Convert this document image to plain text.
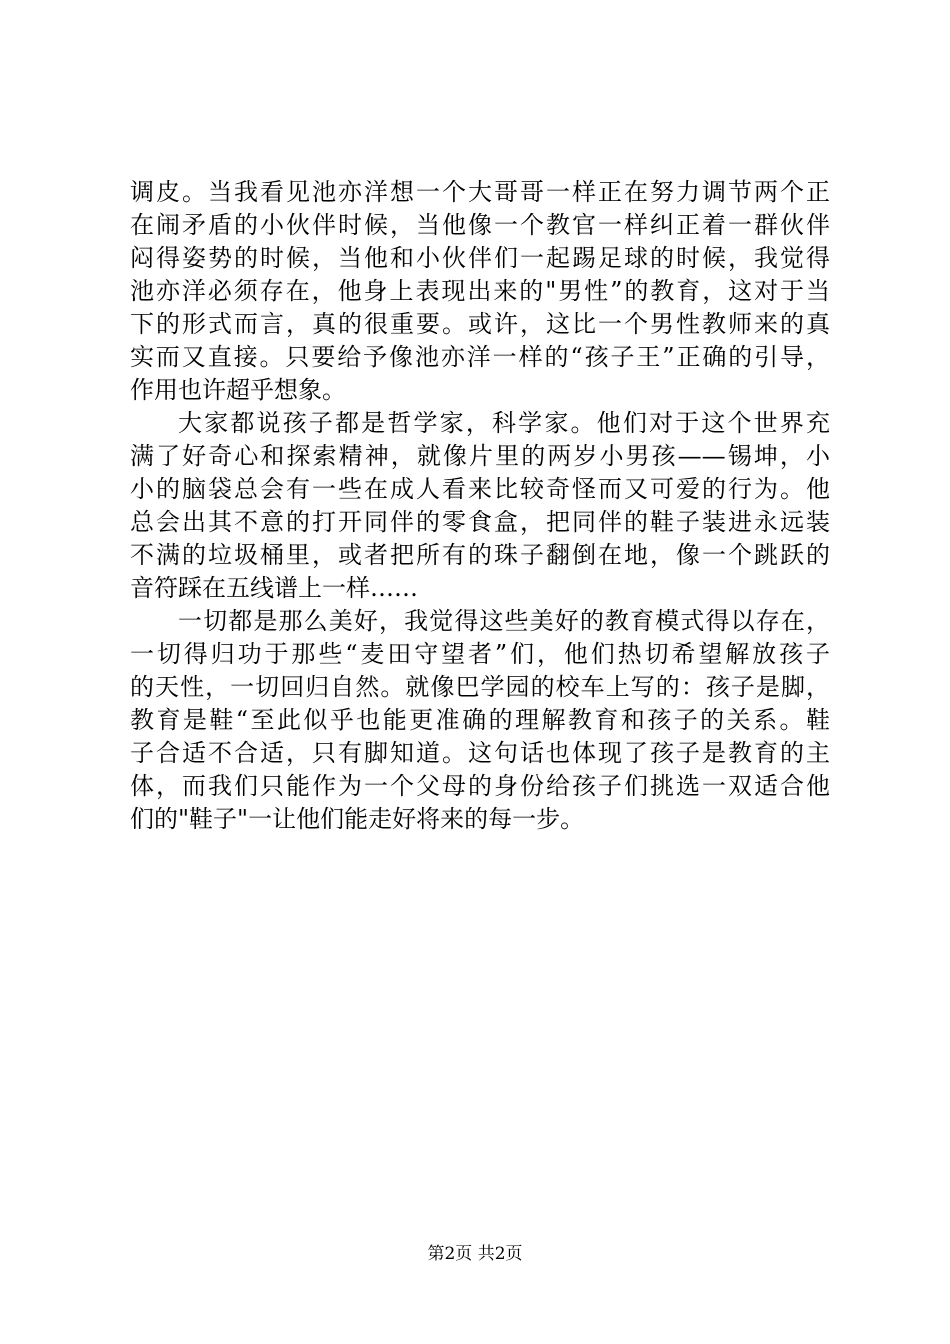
调皮。当我看见池亦洋想一个大哥哥一样正在努力调节两个正
在闹矛盾的小伙伴时候，当他像一个教官一样纠正着一群伙伴
闷得姿势的时候，当他和小伙伴们一起踢足球的时候，我觉得
池亦洋必须存在，他身上表现出来的"男性”的教育，这对于当
下的形式而言，真的很重要。或许，这比一个男性教师来的真
实而又直接。只要给予像池亦洋一样的“孩子王”正确的引导，
作用也许超乎想象。
大家都说孩子都是哲学家，科学家。他们对于这个世界充
满了好奇心和探索精神，就像片里的两岁小男孩——锡坤，小
小的脑袋总会有一些在成人看来比较奇怪而又可爱的行为。他
总会出其不意的打开同伴的零食盒，把同伴的鞋子装进永远装
不满的垃圾桶里，或者把所有的珠子翻倒在地，像一个跳跃的
音符踩在五线谱上一样……
一切都是那么美好，我觉得这些美好的教育模式得以存在，
一切得归功于那些“麦田守望者”们，他们热切希望解放孩子
的天性，一切回归自然。就像巴学园的校车上写的：孩子是脚，
教育是鞋“至此似乎也能更准确的理解教育和孩子的关系。鞋
子合适不合适，只有脚知道。这句话也体现了孩子是教育的主
体，而我们只能作为一个父母的身份给孩子们挑选一双适合他
们的"鞋子"一让他们能走好将来的每一步。
第2页 共2页
